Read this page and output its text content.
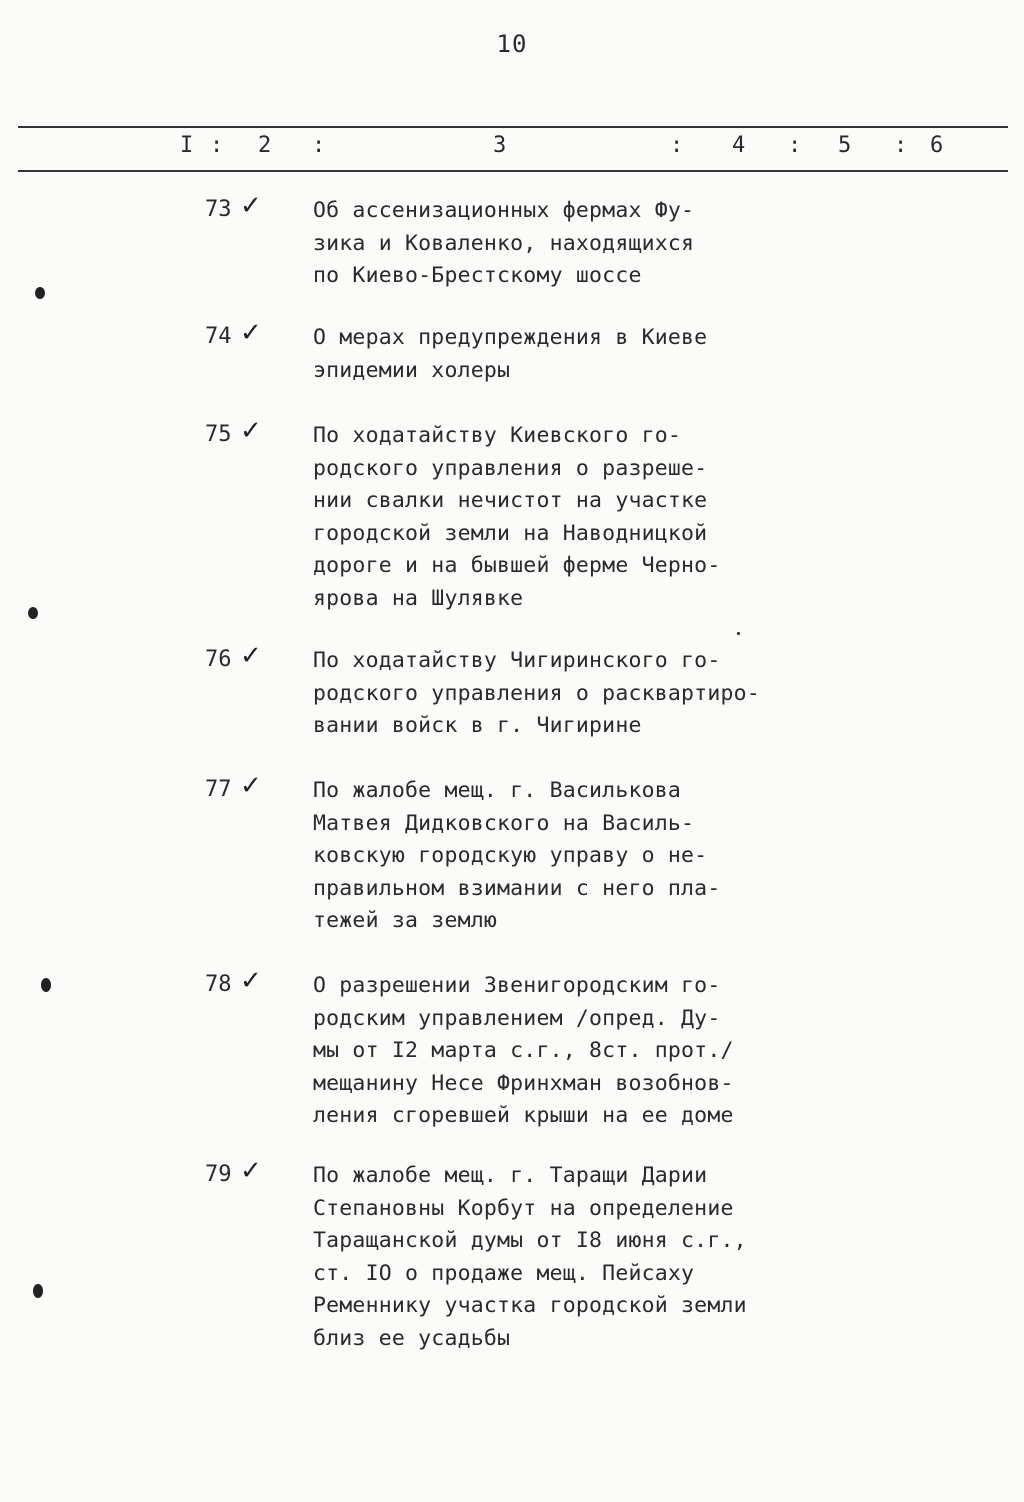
10
I : 2 :	3	: 4 : 5 : 6
73 ✓ Об ассенизационных фермах Фу-
зика и Коваленко, находящихся
по Киево-Брестскому шоссе
74 ✓ О мерах предупреждения в Киеве
эпидемии холеры
75 ✓ По ходатайству Киевского го-
родского управления о разреше-
нии свалки нечистот на участке
городской земли на Наводницкой
дороге и на бывшей ферме Черно-
ярова на Шулявке
76 ✓ По ходатайству Чигиринского го-
родского управления о расквартиро-
вании войск в г. Чигирине
77 ✓ По жалобе мещ. г. Василькова
Матвея Дидковского на Василь-
ковскую городскую управу о не-
правильном взимании с него пла-
тежей за землю
78 ✓ О разрешении Звенигородским го-
родским управлением /опред. Ду-
мы от I2 марта с.г., 8ст. прот./
мещанину Несе Фринхман возобнов-
ления сгоревшей крыши на ее доме
79 ✓ По жалобе мещ. г. Таращи Дарии
Степановны Корбут на определение
Таращанской думы от I8 июня с.г.,
ст. IO о продаже мещ. Пейсаху
Ременнику участка городской земли
близ ее усадьбы
